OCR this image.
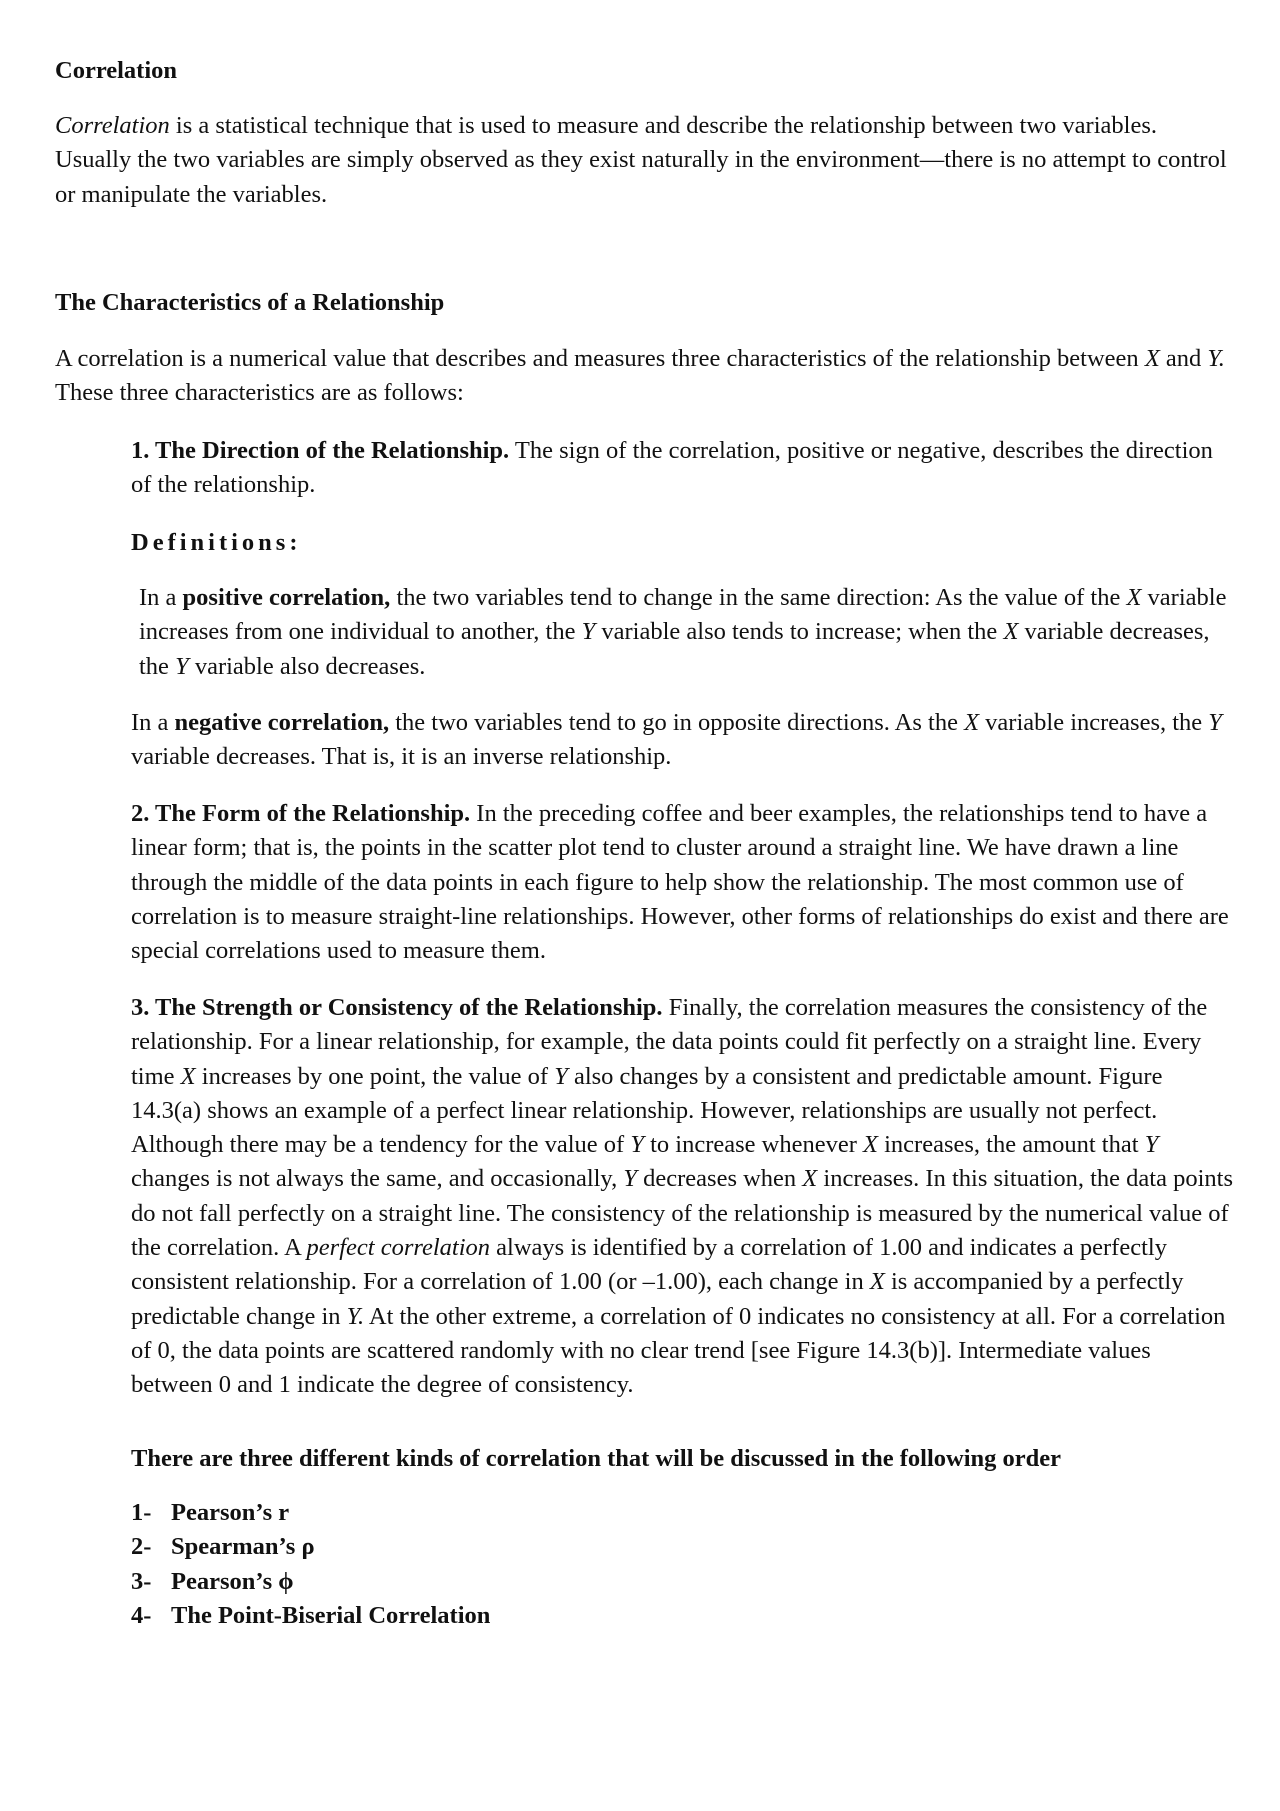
Correlation

Correlation is a statistical technique that is used to measure and describe the relationship between two variables. Usually the two variables are simply observed as they exist naturally in the environment—there is no attempt to control or manipulate the variables.

The Characteristics of a Relationship

A correlation is a numerical value that describes and measures three characteristics of the relationship between X and Y. These three characteristics are as follows:

1. The Direction of the Relationship. The sign of the correlation, positive or negative, describes the direction of the relationship.

Definitions:

In a positive correlation, the two variables tend to change in the same direction: As the value of the X variable increases from one individual to another, the Y variable also tends to increase; when the X variable decreases, the Y variable also decreases.

In a negative correlation, the two variables tend to go in opposite directions. As the X variable increases, the Y variable decreases. That is, it is an inverse relationship.

2. The Form of the Relationship. In the preceding coffee and beer examples, the relationships tend to have a linear form; that is, the points in the scatter plot tend to cluster around a straight line. We have drawn a line through the middle of the data points in each figure to help show the relationship. The most common use of correlation is to measure straight-line relationships. However, other forms of relationships do exist and there are special correlations used to measure them.

3. The Strength or Consistency of the Relationship. Finally, the correlation measures the consistency of the relationship. For a linear relationship, for example, the data points could fit perfectly on a straight line. Every time X increases by one point, the value of Y also changes by a consistent and predictable amount. Figure 14.3(a) shows an example of a perfect linear relationship. However, relationships are usually not perfect. Although there may be a tendency for the value of Y to increase whenever X increases, the amount that Y changes is not always the same, and occasionally, Y decreases when X increases. In this situation, the data points do not fall perfectly on a straight line. The consistency of the relationship is measured by the numerical value of the correlation. A perfect correlation always is identified by a correlation of 1.00 and indicates a perfectly consistent relationship. For a correlation of 1.00 (or –1.00), each change in X is accompanied by a perfectly predictable change in Y. At the other extreme, a correlation of 0 indicates no consistency at all. For a correlation of 0, the data points are scattered randomly with no clear trend [see Figure 14.3(b)]. Intermediate values between 0 and 1 indicate the degree of consistency.

There are three different kinds of correlation that will be discussed in the following order

1- Pearson’s r
2- Spearman’s ρ
3- Pearson’s ϕ
4- The Point-Biserial Correlation
